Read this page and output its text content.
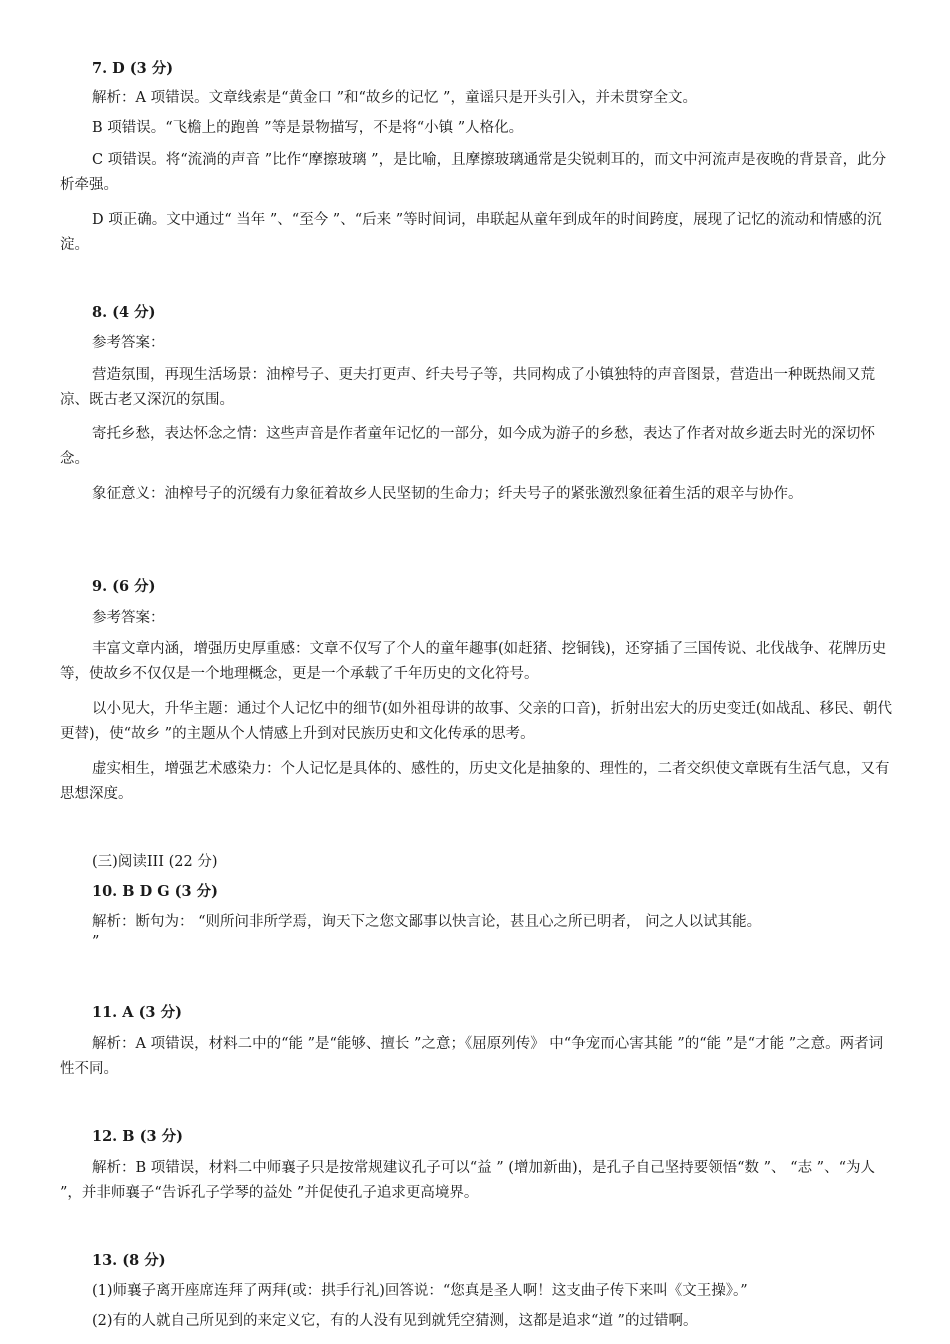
7. D (3 分)
解析：A 项错误。文章线索是“黄金口 ”和“故乡的记忆 ”，童谣只是开头引入，并未贯穿全文。
B 项错误。“飞檐上的跑兽 ”等是景物描写，不是将“小镇 ”人格化。
C 项错误。将“流淌的声音 ”比作“摩擦玻璃 ”，是比喻，且摩擦玻璃通常是尖锐刺耳的，而文中河流声是夜晚的背景音，此分析牵强。
D 项正确。文中通过“ 当年 ”、“至今 ”、“后来 ”等时间词，串联起从童年到成年的时间跨度，展现了记忆的流动和情感的沉淀。
8. (4 分)
参考答案：
营造氛围，再现生活场景：油榨号子、更夫打更声、纤夫号子等，共同构成了小镇独特的声音图景，营造出一种既热闹又荒凉、既古老又深沉的氛围。
寄托乡愁，表达怀念之情：这些声音是作者童年记忆的一部分，如今成为游子的乡愁，表达了作者对故乡逝去时光的深切怀念。
象征意义：油榨号子的沉缓有力象征着故乡人民坚韧的生命力；纤夫号子的紧张激烈象征着生活的艰辛与协作。
9. (6 分)
参考答案：
丰富文章内涵，增强历史厚重感：文章不仅写了个人的童年趣事(如赶猪、挖铜钱)，还穿插了三国传说、北伐战争、花牌历史等，使故乡不仅仅是一个地理概念，更是一个承载了千年历史的文化符号。
以小见大，升华主题：通过个人记忆中的细节(如外祖母讲的故事、父亲的口音)，折射出宏大的历史变迁(如战乱、移民、朝代更替)，使“故乡 ”的主题从个人情感上升到对民族历史和文化传承的思考。
虚实相生，增强艺术感染力：个人记忆是具体的、感性的，历史文化是抽象的、理性的，二者交织使文章既有生活气息，又有思想深度。
(三)阅读III (22 分)
10. B D G (3 分)
解析：断句为： “则所问非所学焉，询天下之您文鄙事以快言论，甚且心之所已明者， 问之人以试其能。
”
11. A (3 分)
解析：A 项错误，材料二中的“能 ”是“能够、擅长 ”之意；《屈原列传》 中“争宠而心害其能 ”的“能 ”是“才能 ”之意。两者词性不同。
12. B (3 分)
解析：B 项错误，材料二中师襄子只是按常规建议孔子可以“益 ” (增加新曲)，是孔子自己坚持要领悟“数 ”、 “志 ”、“为人 ”，并非师襄子“告诉孔子学琴的益处 ”并促使孔子追求更高境界。
13. (8 分)
(1)师襄子离开座席连拜了两拜(或：拱手行礼)回答说：“您真是圣人啊！这支曲子传下来叫《文王操》。”
(2)有的人就自己所见到的来定义它，有的人没有见到就凭空猜测，这都是追求“道 ”的过错啊。
